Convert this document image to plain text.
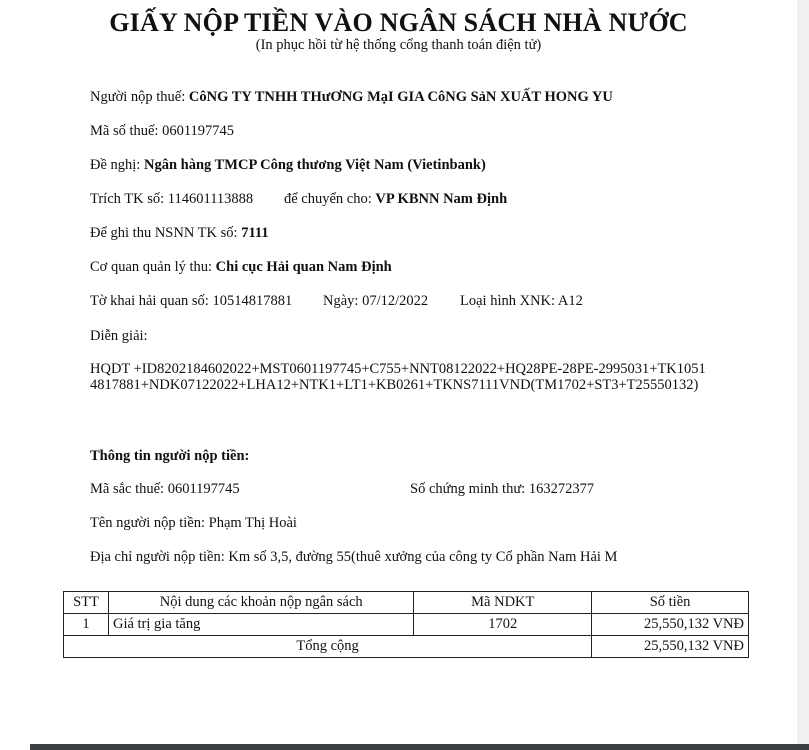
GIẤY NỘP TIỀN VÀO NGÂN SÁCH NHÀ NƯỚC
(In phục hồi từ hệ thống cổng thanh toán điện tử)
Người nộp thuế: CôNG TY TNHH THưƠNG MạI GIA CôNG SảN XUẤT HONG YU
Mã số thuế: 0601197745
Đề nghị: Ngân hàng TMCP Công thương Việt Nam (Vietinbank)
Trích TK số: 114601113888 để chuyển cho: VP KBNN Nam Định
Để ghi thu NSNN TK số: 7111
Cơ quan quản lý thu: Chi cục Hải quan Nam Định
Tờ khai hải quan số: 10514817881 Ngày: 07/12/2022 Loại hình XNK: A12
Diễn giải:
HQDT +ID8202184602022+MST0601197745+C755+NNT08122022+HQ28PE-28PE-2995031+TK10514817881+NDK07122022+LHA12+NTK1+LT1+KB0261+TKNS7111VND(TM1702+ST3+T25550132)
Thông tin người nộp tiền:
Mã sắc thuế: 0601197745	Số chứng minh thư: 163272377
Tên người nộp tiền: Phạm Thị Hoài
Địa chỉ người nộp tiền: Km số 3,5, đường 55(thuê xưởng của công ty Cổ phần Nam Hải M
STT	Nội dung các khoản nộp ngân sách	Mã NDKT	Số tiền
1	Giá trị gia tăng	1702	25,550,132 VNĐ
Tổng cộng			25,550,132 VNĐ
